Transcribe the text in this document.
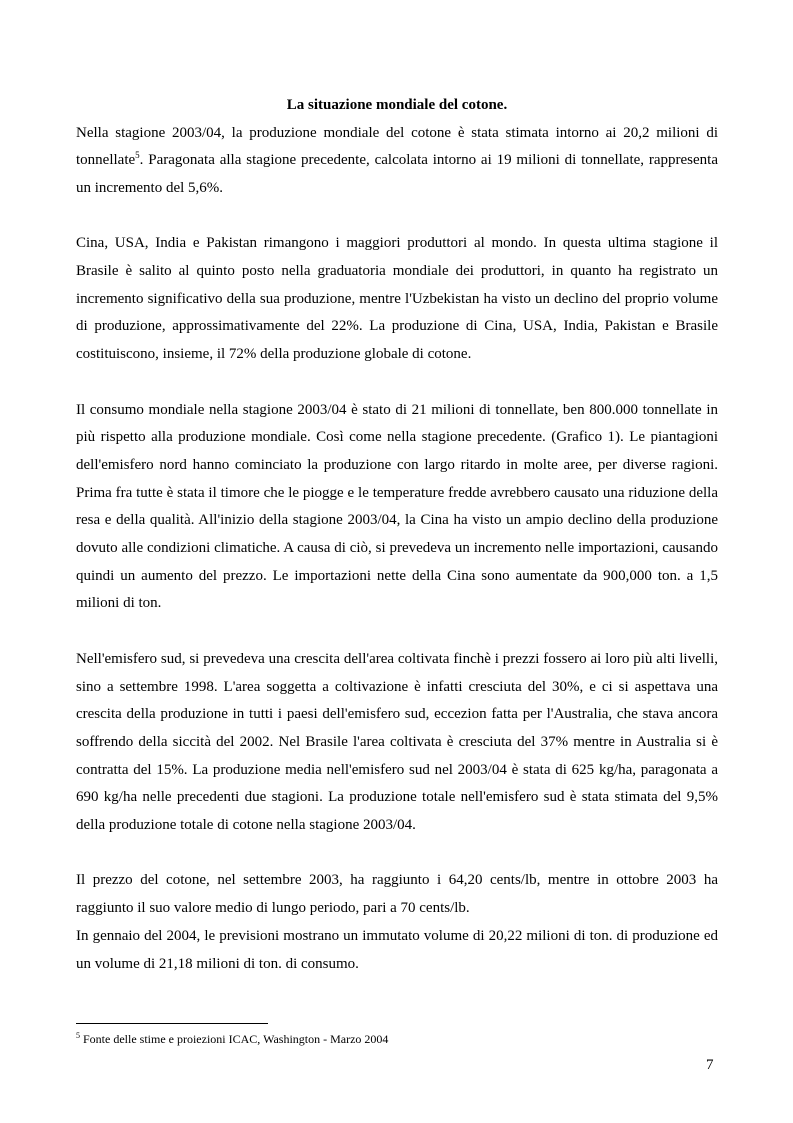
La situazione mondiale del cotone.

Nella stagione 2003/04, la produzione mondiale del cotone è stata stimata intorno ai 20,2 milioni di tonnellate$^5$. Paragonata alla stagione precedente, calcolata intorno ai 19 milioni di tonnellate, rappresenta un incremento del 5,6%.

Cina, USA, India e Pakistan rimangono i maggiori produttori al mondo. In questa ultima stagione il Brasile è salito al quinto posto nella graduatoria mondiale dei produttori, in quanto ha registrato un incremento significativo della sua produzione, mentre l'Uzbekistan ha visto un declino del proprio volume di produzione, approssimativamente del 22%. La produzione di Cina, USA, India, Pakistan e Brasile costituiscono, insieme, il 72% della produzione globale di cotone.

Il consumo mondiale nella stagione 2003/04 è stato di 21 milioni di tonnellate, ben 800.000 tonnellate in più rispetto alla produzione mondiale. Così come nella stagione precedente. (Grafico 1). Le piantagioni dell'emisfero nord hanno cominciato la produzione con largo ritardo in molte aree, per diverse ragioni. Prima fra tutte è stata il timore che le piogge e le temperature fredde avrebbero causato una riduzione della resa e della qualità. All'inizio della stagione 2003/04, la Cina ha visto un ampio declino della produzione dovuto alle condizioni climatiche. A causa di ciò, si prevedeva un incremento nelle importazioni, causando quindi un aumento del prezzo. Le importazioni nette della Cina sono aumentate da 900,000 ton. a 1,5 milioni di ton.

Nell'emisfero sud, si prevedeva una crescita dell'area coltivata finchè i prezzi fossero ai loro più alti livelli, sino a settembre 1998. L'area soggetta a coltivazione è infatti cresciuta del 30%, e ci si aspettava una crescita della produzione in tutti i paesi dell'emisfero sud, eccezion fatta per l'Australia, che stava ancora soffrendo della siccità del 2002. Nel Brasile l'area coltivata è cresciuta del 37% mentre in Australia si è contratta del 15%. La produzione media nell'emisfero sud nel 2003/04 è stata di 625 kg/ha, paragonata a 690 kg/ha nelle precedenti due stagioni. La produzione totale nell'emisfero sud è stata stimata del 9,5% della produzione totale di cotone nella stagione 2003/04.

Il prezzo del cotone, nel settembre 2003, ha raggiunto i 64,20 cents/lb, mentre in ottobre 2003 ha raggiunto il suo valore medio di lungo periodo, pari a 70 cents/lb.

In gennaio del 2004, le previsioni mostrano un immutato volume di 20,22 milioni di ton. di produzione ed un volume di 21,18 milioni di ton. di consumo.

$^5$ Fonte delle stime e proiezioni ICAC, Washington - Marzo 2004
7
